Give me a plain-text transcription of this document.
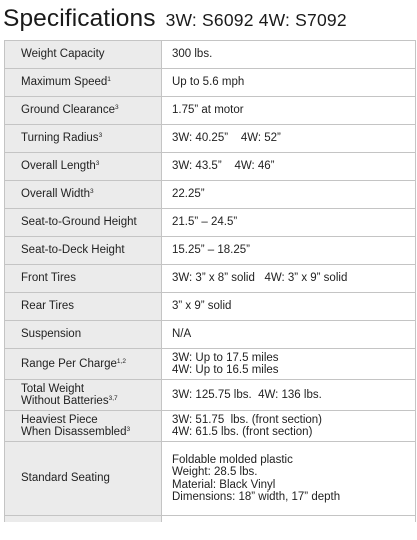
Specifications 3W: S6092 4W: S7092
Weight Capacity	300 lbs.
Maximum Speed$^1$	Up to 5.6 mph
Ground Clearance$^3$	1.75” at motor
Turning Radius$^3$	3W: 40.25” 4W: 52”
Overall Length$^3$	3W: 43.5” 4W: 46”
Overall Width$^3$	22.25”
Seat-to-Ground Height	21.5” – 24.5”
Seat-to-Deck Height	15.25” – 18.25”
Front Tires	3W: 3” x 8” solid 4W: 3” x 9” solid
Rear Tires	3” x 9” solid
Suspension	N/A
Range Per Charge$^{1,2}$	3W: Up to 17.5 miles
4W: Up to 16.5 miles

Total Weight
Without Batteries$^{3,7}$	3W: 125.75 lbs.  4W: 136 lbs.

Heaviest Piece
When Disassembled$^3$	3W: 51.75  lbs. (front section)
4W: 61.5 lbs. (front section)

Standard Seating	Foldable molded plastic
Weight: 28.5 lbs.
Material: Black Vinyl
Dimensions: 18” width, 17” depth
